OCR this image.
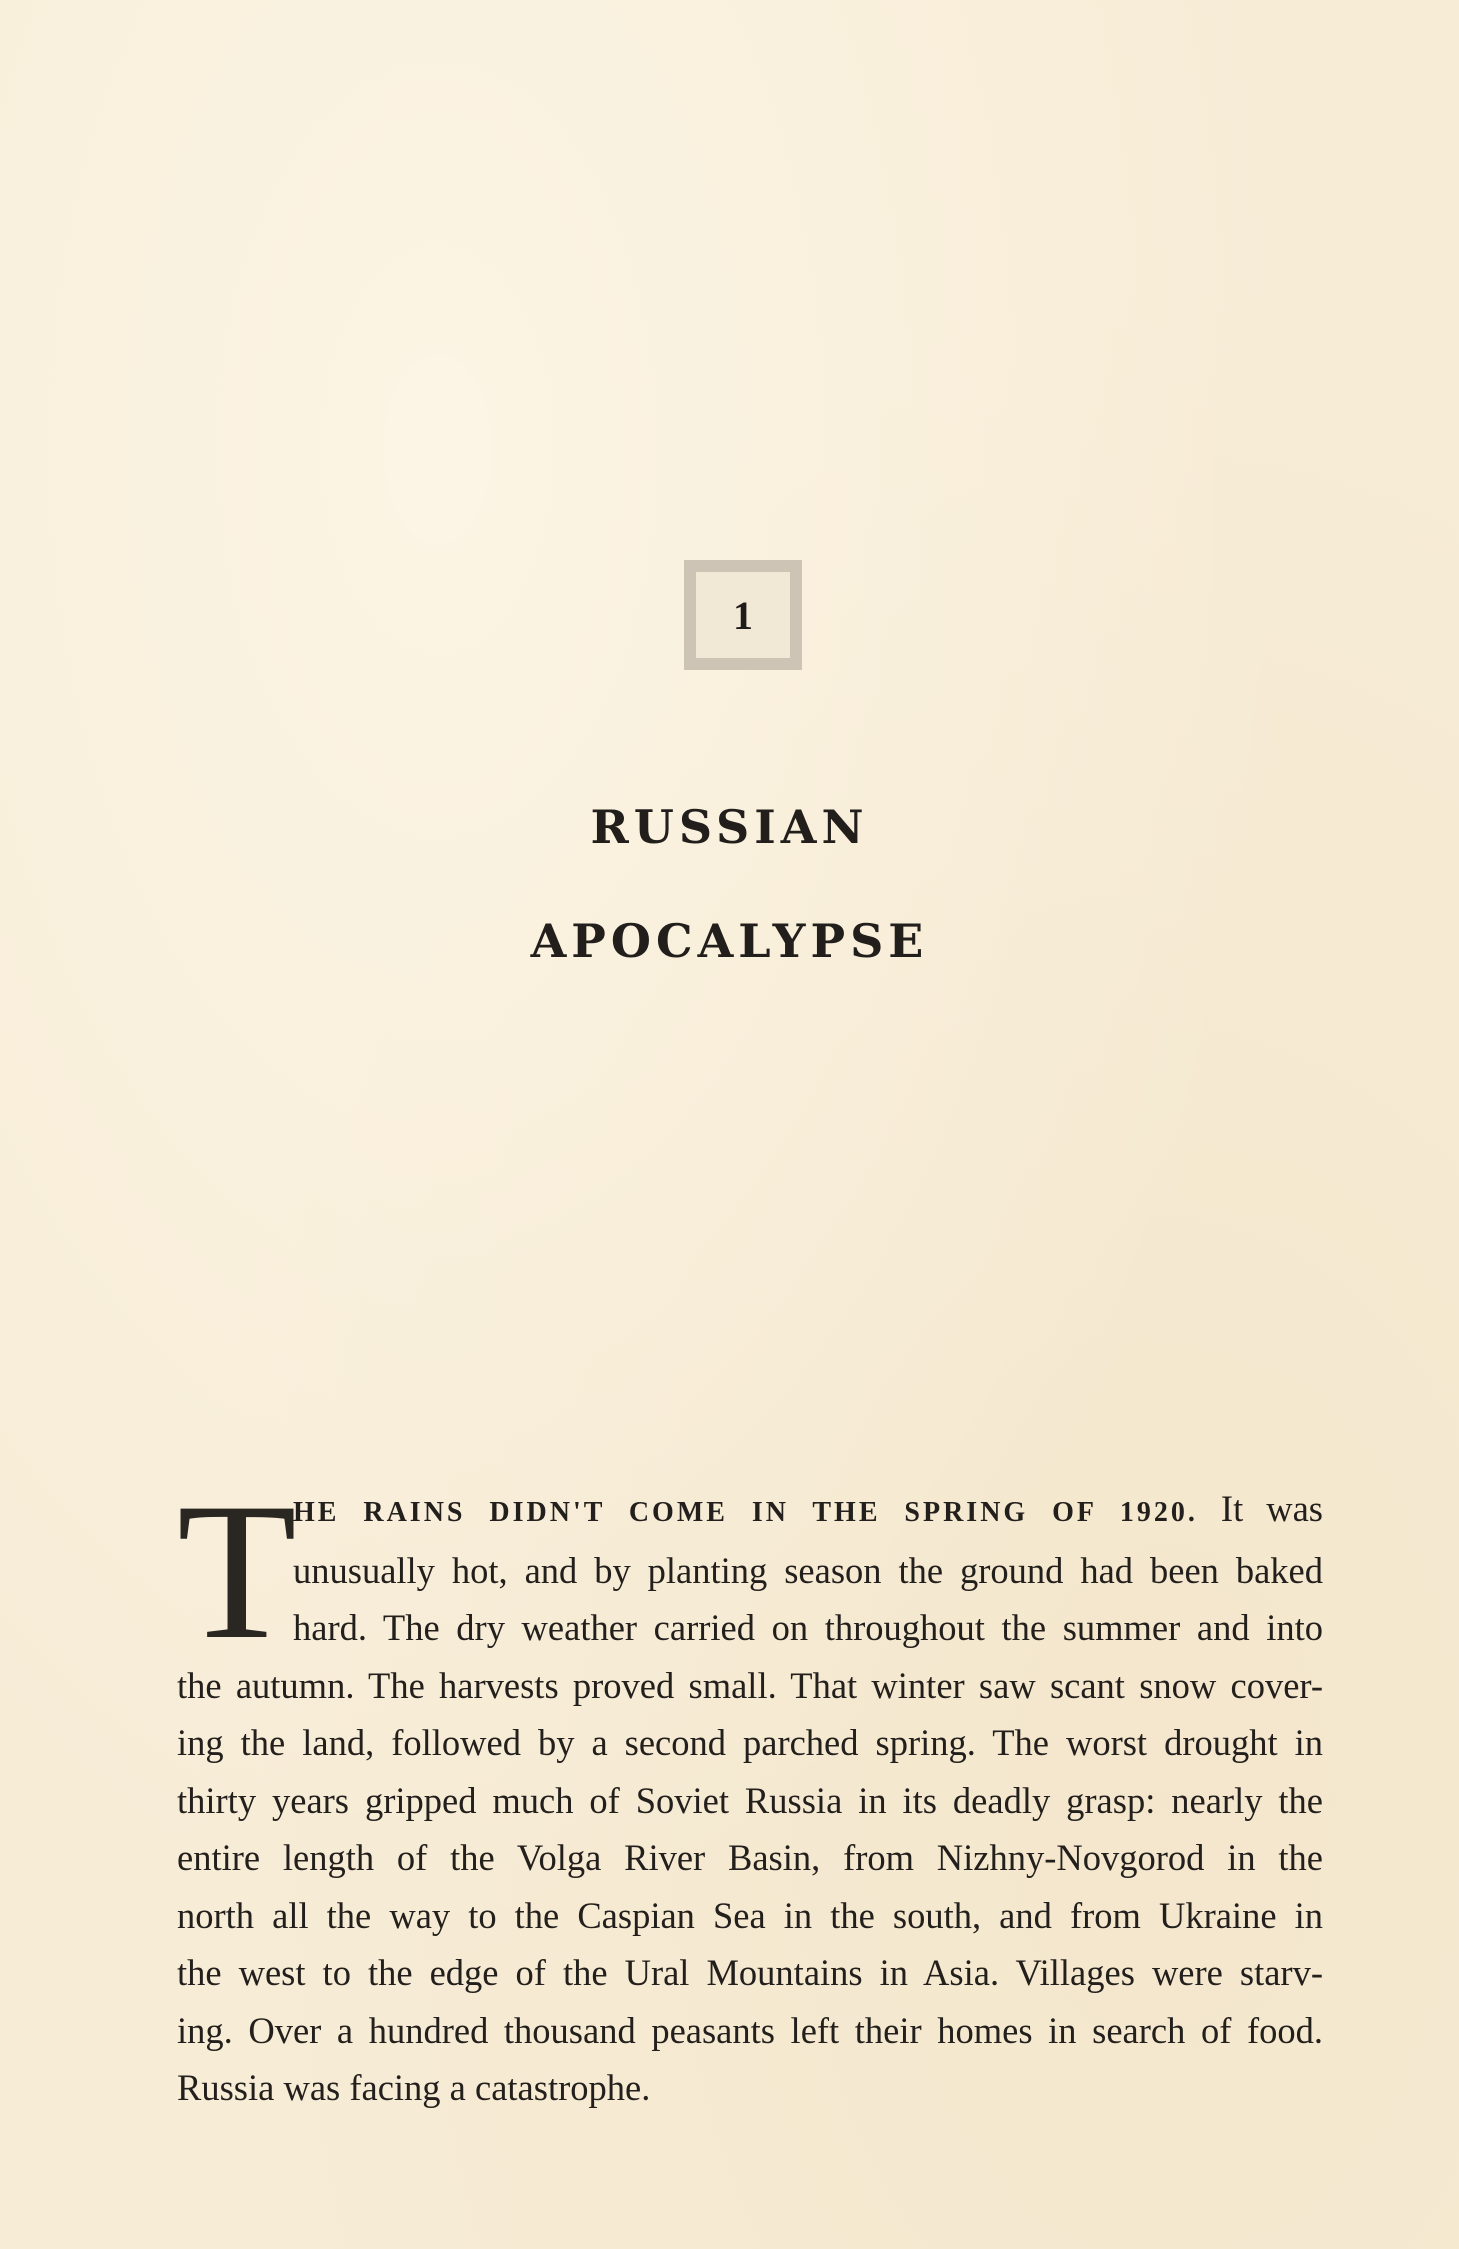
1
RUSSIAN
APOCALYPSE
T
HE RAINS DIDN'T COME IN THE SPRING OF 1920. It was
unusually hot, and by planting season the ground had been baked
hard. The dry weather carried on throughout the summer and into
the autumn. The harvests proved small. That winter saw scant snow cover-
ing the land, followed by a second parched spring. The worst drought in
thirty years gripped much of Soviet Russia in its deadly grasp: nearly the
entire length of the Volga River Basin, from Nizhny-Novgorod in the
north all the way to the Caspian Sea in the south, and from Ukraine in
the west to the edge of the Ural Mountains in Asia. Villages were starv-
ing. Over a hundred thousand peasants left their homes in search of food.
Russia was facing a catastrophe.
